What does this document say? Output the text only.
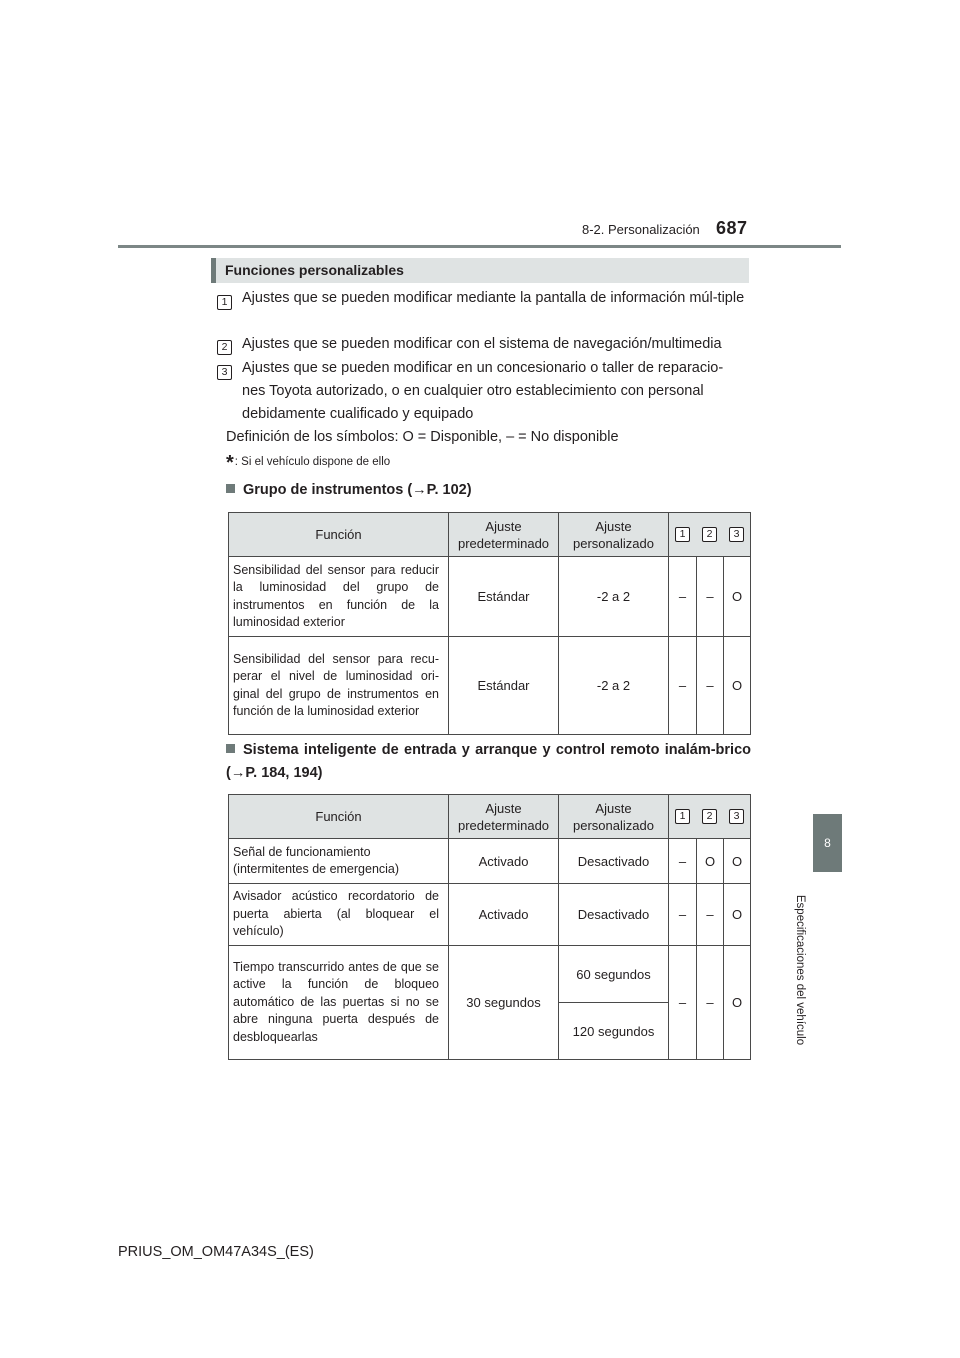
8-2. Personalización 687
8
Especificaciones del vehículo
Funciones personalizables
1	Ajustes que se pueden modificar mediante la pantalla de información múl-tiple
2	Ajustes que se pueden modificar con el sistema de navegación/multimedia
3	Ajustes que se pueden modificar en un concesionario o taller de reparacio-nes Toyota autorizado, o en cualquier otro establecimiento con personal debidamente cualificado y equipado
Definición de los símbolos: O = Disponible, – = No disponible
*: Si el vehículo dispone de ello
Grupo de instrumentos (→P. 102)
Función	Ajuste predeterminado	Ajuste personalizado	1 2 3		

Sensibilidad del sensor para reducir la luminosidad del grupo de instrumentos en función de la luminosidad exterior	Estándar	-2 a 2	–	–	O
Sensibilidad del sensor para recu-perar el nivel de luminosidad ori-ginal del grupo de instrumentos en función de la luminosidad exterior	Estándar	-2 a 2	–	–	O
Sistema inteligente de entrada y arranque y control remoto inalám-brico (→P. 184, 194)
Función	Ajuste predeterminado	Ajuste personalizado	1 2 3		

Señal de funcionamiento (intermitentes de emergencia)	Activado	Desactivado	–	O	O
Avisador acústico recordatorio de puerta abierta (al bloquear el vehículo)	Activado	Desactivado	–	–	O
Tiempo transcurrido antes de que se active la función de bloqueo automático de las puertas si no se abre ninguna puerta después de desbloquearlas	30 segundos	60 segundos	–	–	O
		120 segundos			
PRIUS_OM_OM47A34S_(ES)
